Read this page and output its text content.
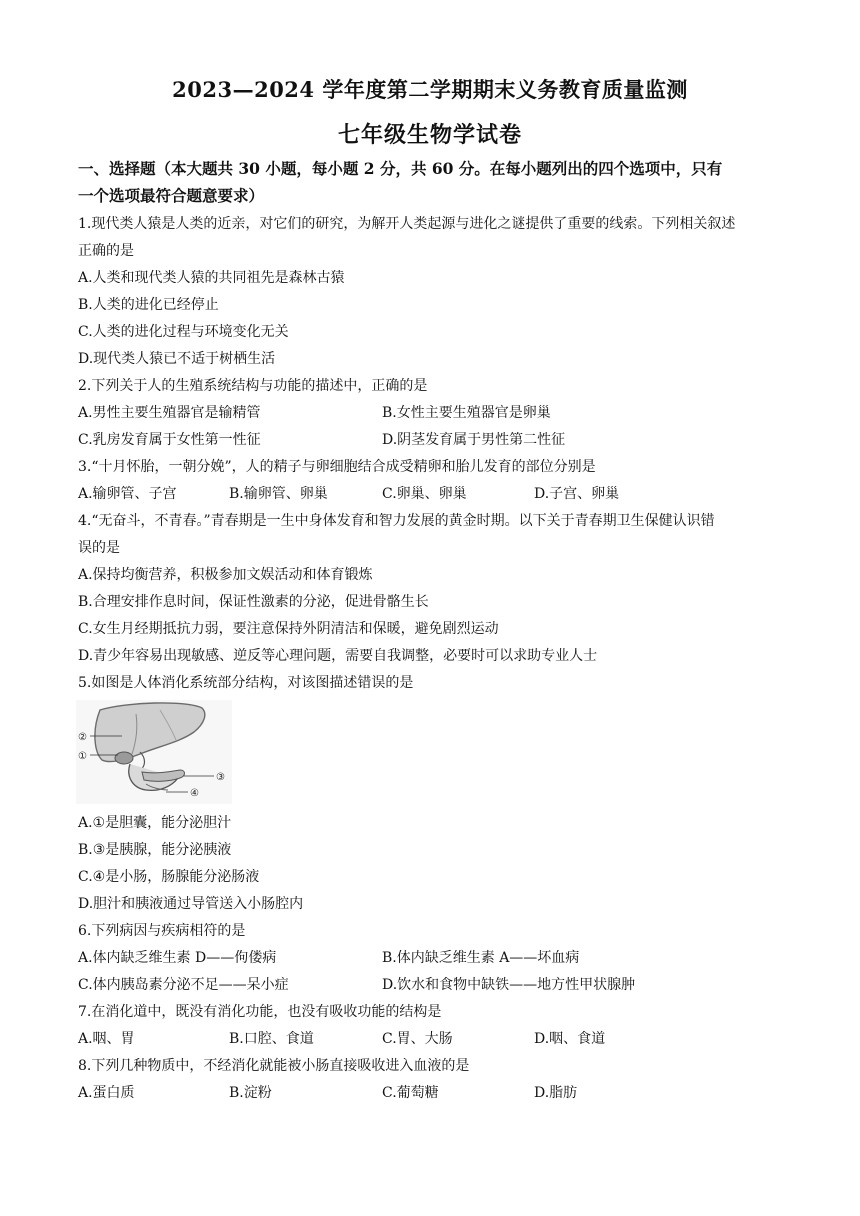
2023—2024 学年度第二学期期末义务教育质量监测
七年级生物学试卷
一、选择题（本大题共 30 小题，每小题 2 分，共 60 分。在每小题列出的四个选项中，只有
一个选项最符合题意要求）
1.现代类人猿是人类的近亲，对它们的研究，为解开人类起源与进化之谜提供了重要的线索。下列相关叙述
正确的是
A.人类和现代类人猿的共同祖先是森林古猿
B.人类的进化已经停止
C.人类的进化过程与环境变化无关
D.现代类人猿已不适于树栖生活
2.下列关于人的生殖系统结构与功能的描述中，正确的是
A.男性主要生殖器官是输精管	B.女性主要生殖器官是卵巢
C.乳房发育属于女性第一性征	D.阴茎发育属于男性第二性征
3.“十月怀胎，一朝分娩”，人的精子与卵细胞结合成受精卵和胎儿发育的部位分别是
A.输卵管、子宫	B.输卵管、卵巢	C.卵巢、卵巢	D.子宫、卵巢
4.“无奋斗，不青春。”青春期是一生中身体发育和智力发展的黄金时期。以下关于青春期卫生保健认识错
误的是
A.保持均衡营养，积极参加文娱活动和体育锻炼
B.合理安排作息时间，保证性激素的分泌，促进骨骼生长
C.女生月经期抵抗力弱，要注意保持外阴清洁和保暖，避免剧烈运动
D.青少年容易出现敏感、逆反等心理问题，需要自我调整，必要时可以求助专业人士
5.如图是人体消化系统部分结构，对该图描述错误的是
②
①
③
④
A.①是胆囊，能分泌胆汁
B.③是胰腺，能分泌胰液
C.④是小肠，肠腺能分泌肠液
D.胆汁和胰液通过导管送入小肠腔内
6.下列病因与疾病相符的是
A.体内缺乏维生素 D——佝偻病	B.体内缺乏维生素 A——坏血病
C.体内胰岛素分泌不足——呆小症	D.饮水和食物中缺铁——地方性甲状腺肿
7.在消化道中，既没有消化功能，也没有吸收功能的结构是
A.咽、胃	B.口腔、食道	C.胃、大肠	D.咽、食道
8.下列几种物质中，不经消化就能被小肠直接吸收进入血液的是
A.蛋白质	B.淀粉	C.葡萄糖	D.脂肪
